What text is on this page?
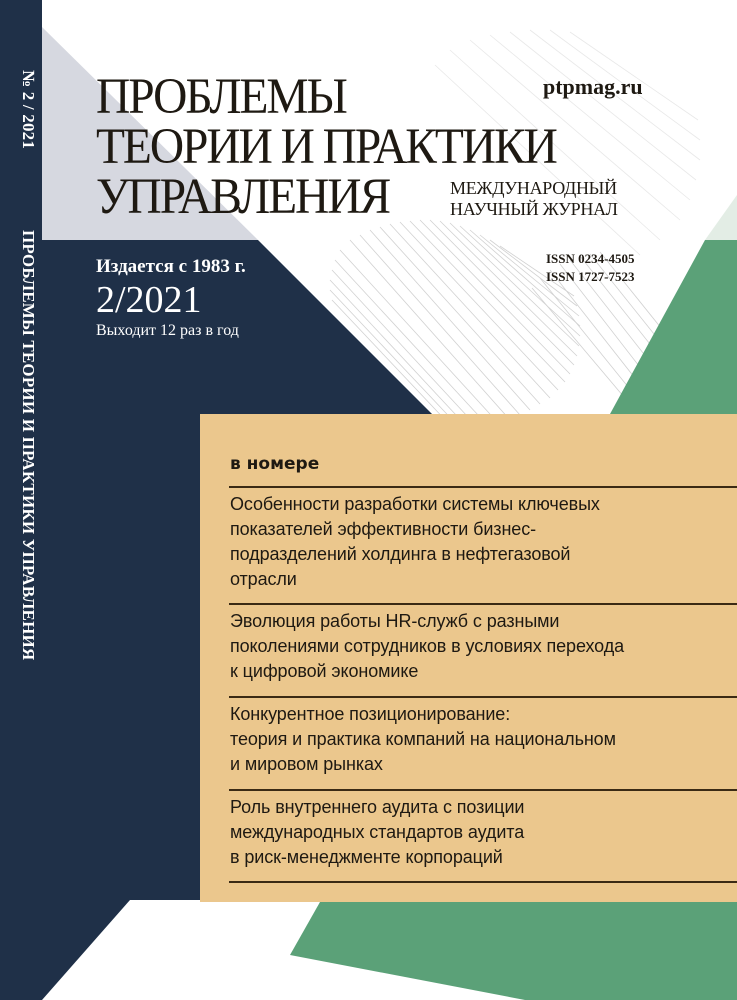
№ 2 / 2021
ПРОБЛЕМЫ ТЕОРИИ И ПРАКТИКИ УПРАВЛЕНИЯ
ptpmag.ru
ПРОБЛЕМЫ
ТЕОРИИ И ПРАКТИКИ
УПРАВЛЕНИЯ	МЕЖДУНАРОДНЫЙ
НАУЧНЫЙ ЖУРНАЛ
ISSN 0234-4505
ISSN 1727-7523
Издается с 1983 г.
2/2021
Выходит 12 раз в год
в номере
Особенности разработки системы ключевых
показателей эффективности бизнес-
подразделений холдинга в нефтегазовой
отрасли
Эволюция работы HR-служб с разными
поколениями сотрудников в условиях перехода
к цифровой экономике
Конкурентное позиционирование:
теория и практика компаний на национальном
и мировом рынках
Роль внутреннего аудита с позиции
международных стандартов аудита
в риск-менеджменте корпораций
